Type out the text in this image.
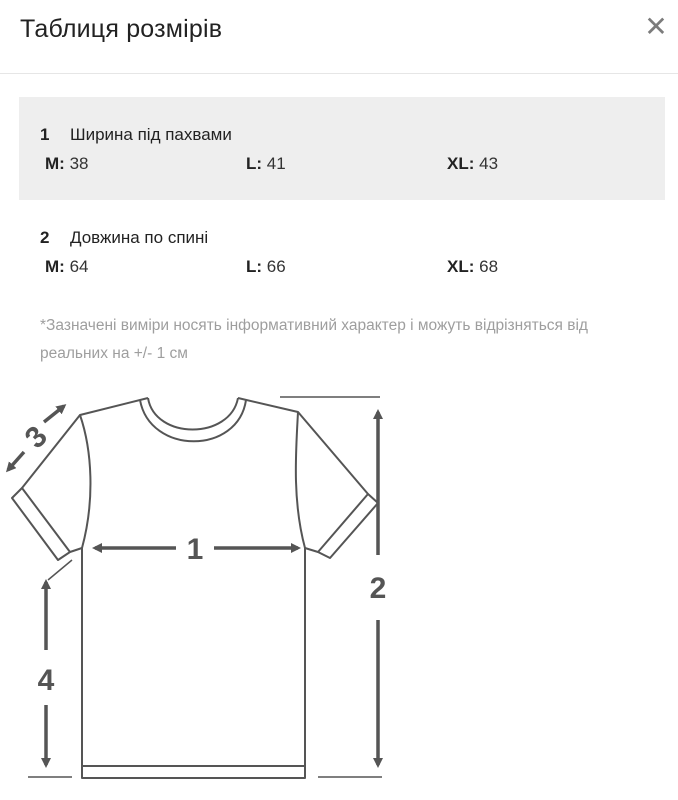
Таблиця розмірів	✕
1 Ширина під пахвами
M: 38	L: 41	XL: 43
2 Довжина по спині
M: 64	L: 66	XL: 68
*Зазначені виміри носять інформативний характер і можуть відрізняться від реальних на +/- 1 см
1
2
3
4
